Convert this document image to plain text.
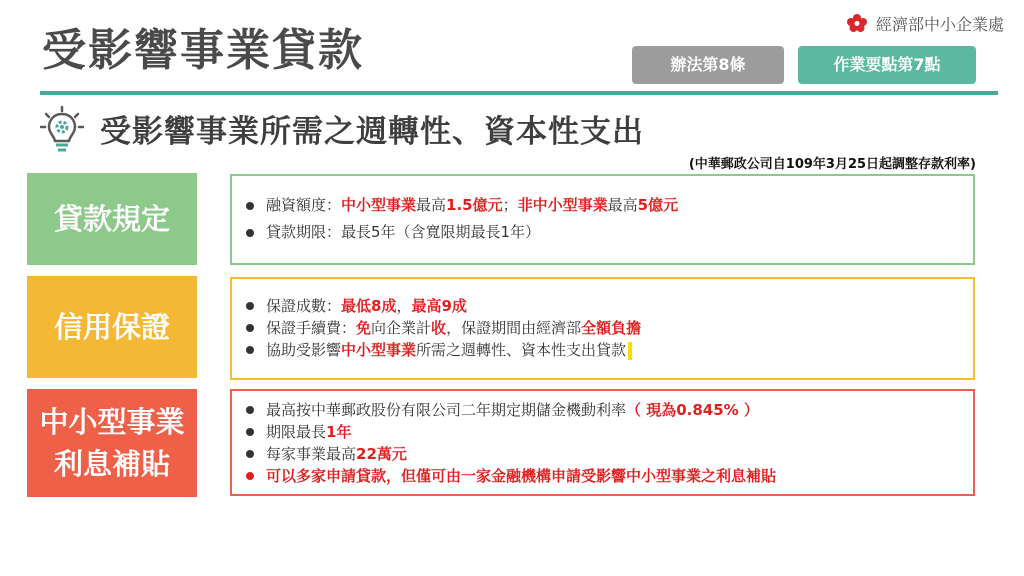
受影響事業貸款
經濟部中小企業處
辦法第8條	作業要點第7點
受影響事業所需之週轉性、資本性支出
(中華郵政公司自109年3月25日起調整存款利率)
貸款規定	融資額度：中小型事業最高1.5億元；非中小型事業最高5億元
貸款期限：最長5年（含寬限期最長1年）
信用保證
保證成數：最低8成，最高9成
保證手續費：免向企業計收，保證期間由經濟部全額負擔
協助受影響中小型事業所需之週轉性、資本性支出貸款
中小型事業
利息補貼
最高按中華郵政股份有限公司二年期定期儲金機動利率（ 現為0.845% ）
期限最長1年
每家事業最高22萬元
可以多家申請貸款，但僅可由一家金融機構申請受影響中小型事業之利息補貼
